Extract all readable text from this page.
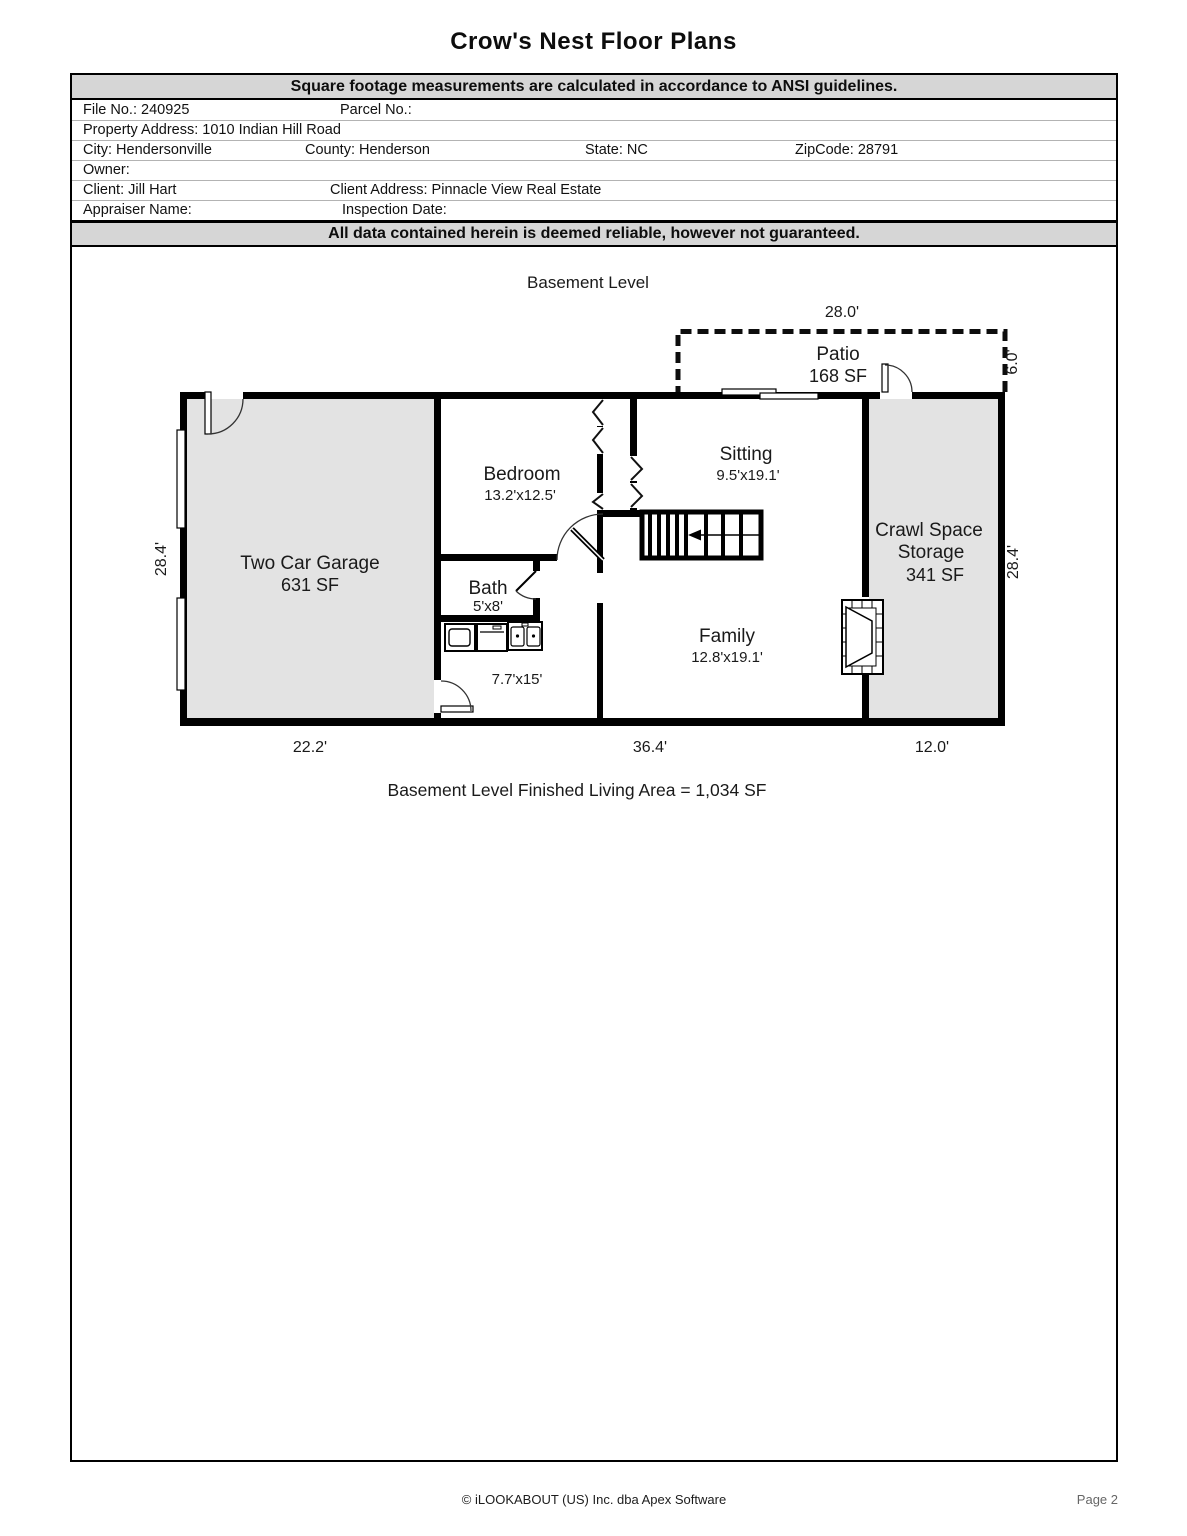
Crow's Nest Floor Plans
Square footage measurements are calculated in accordance to ANSI guidelines.
File No.: 240925	Parcel No.:
Property Address: 1010 Indian Hill Road
City: Hendersonville	County: Henderson	State: NC	ZipCode: 28791
Owner:
Client: Jill Hart	Client Address: Pinnacle View Real Estate
Appraiser Name:	Inspection Date:
All data contained herein is deemed reliable, however not guaranteed.
Basement Level
28.0'
6.0'
Patio
168 SF
Two Car Garage
631 SF
Bedroom
13.2'x12.5'
Sitting
9.5'x19.1'
Bath
5'x8'
Family
12.8'x19.1'
Crawl Space
Storage
341 SF
7.7'x15'
28.4'	28.4'
22.2'	36.4'	12.0'
Basement Level Finished Living Area = 1,034 SF
© iLOOKABOUT (US) Inc. dba Apex Software	Page 2
